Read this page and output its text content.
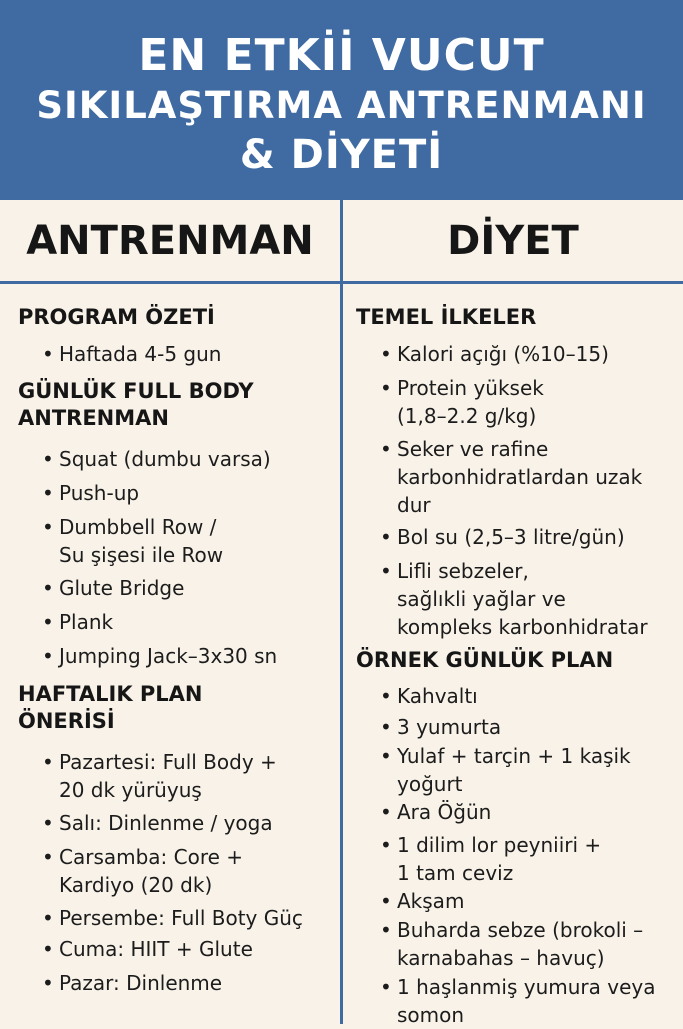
EN ETKİİ VUCUT
SIKILAŞTIRMA ANTRENMANI
& DİYETİ
ANTRENMAN	DİYET
PROGRAM ÖZETİ
• Haftada 4-5 gun
GÜNLÜK FULL BODY
ANTRENMAN
• Squat (dumbu varsa)
• Push-up
• Dumbbell Row /
Su şişesi ile Row
• Glute Bridge
• Plank
• Jumping Jack–3x30 sn
HAFTALIK PLAN
ÖNERİSİ
• Pazartesi: Full Body +
20 dk yürüyuş
• Salı: Dinlenme / yoga
• Carsamba: Core +
Kardiyo (20 dk)
• Persembe: Full Boty Güç
• Cuma: HIIT + Glute
• Pazar: Dinlenme
TEMEL İLKELER
• Kalori açığı (%10–15)
• Protein yüksek
(1,8–2.2 g/kg)
• Seker ve rafine
karbonhidratlardan uzak
dur
• Bol su (2,5–3 litre/gün)
• Lifli sebzeler,
sağlıkli yağlar ve
kompleks karbonhidratar
ÖRNEK GÜNLÜK PLAN
• Kahvaltı
• 3 yumurta
• Yulaf + tarçin + 1 kaşik
yoğurt
• Ara Öğün
• 1 dilim lor peyniiri +
1 tam ceviz
• Akşam
• Buharda sebze (brokoli –
karnabahas – havuç)
• 1 haşlanmiş yumura veya
somon
